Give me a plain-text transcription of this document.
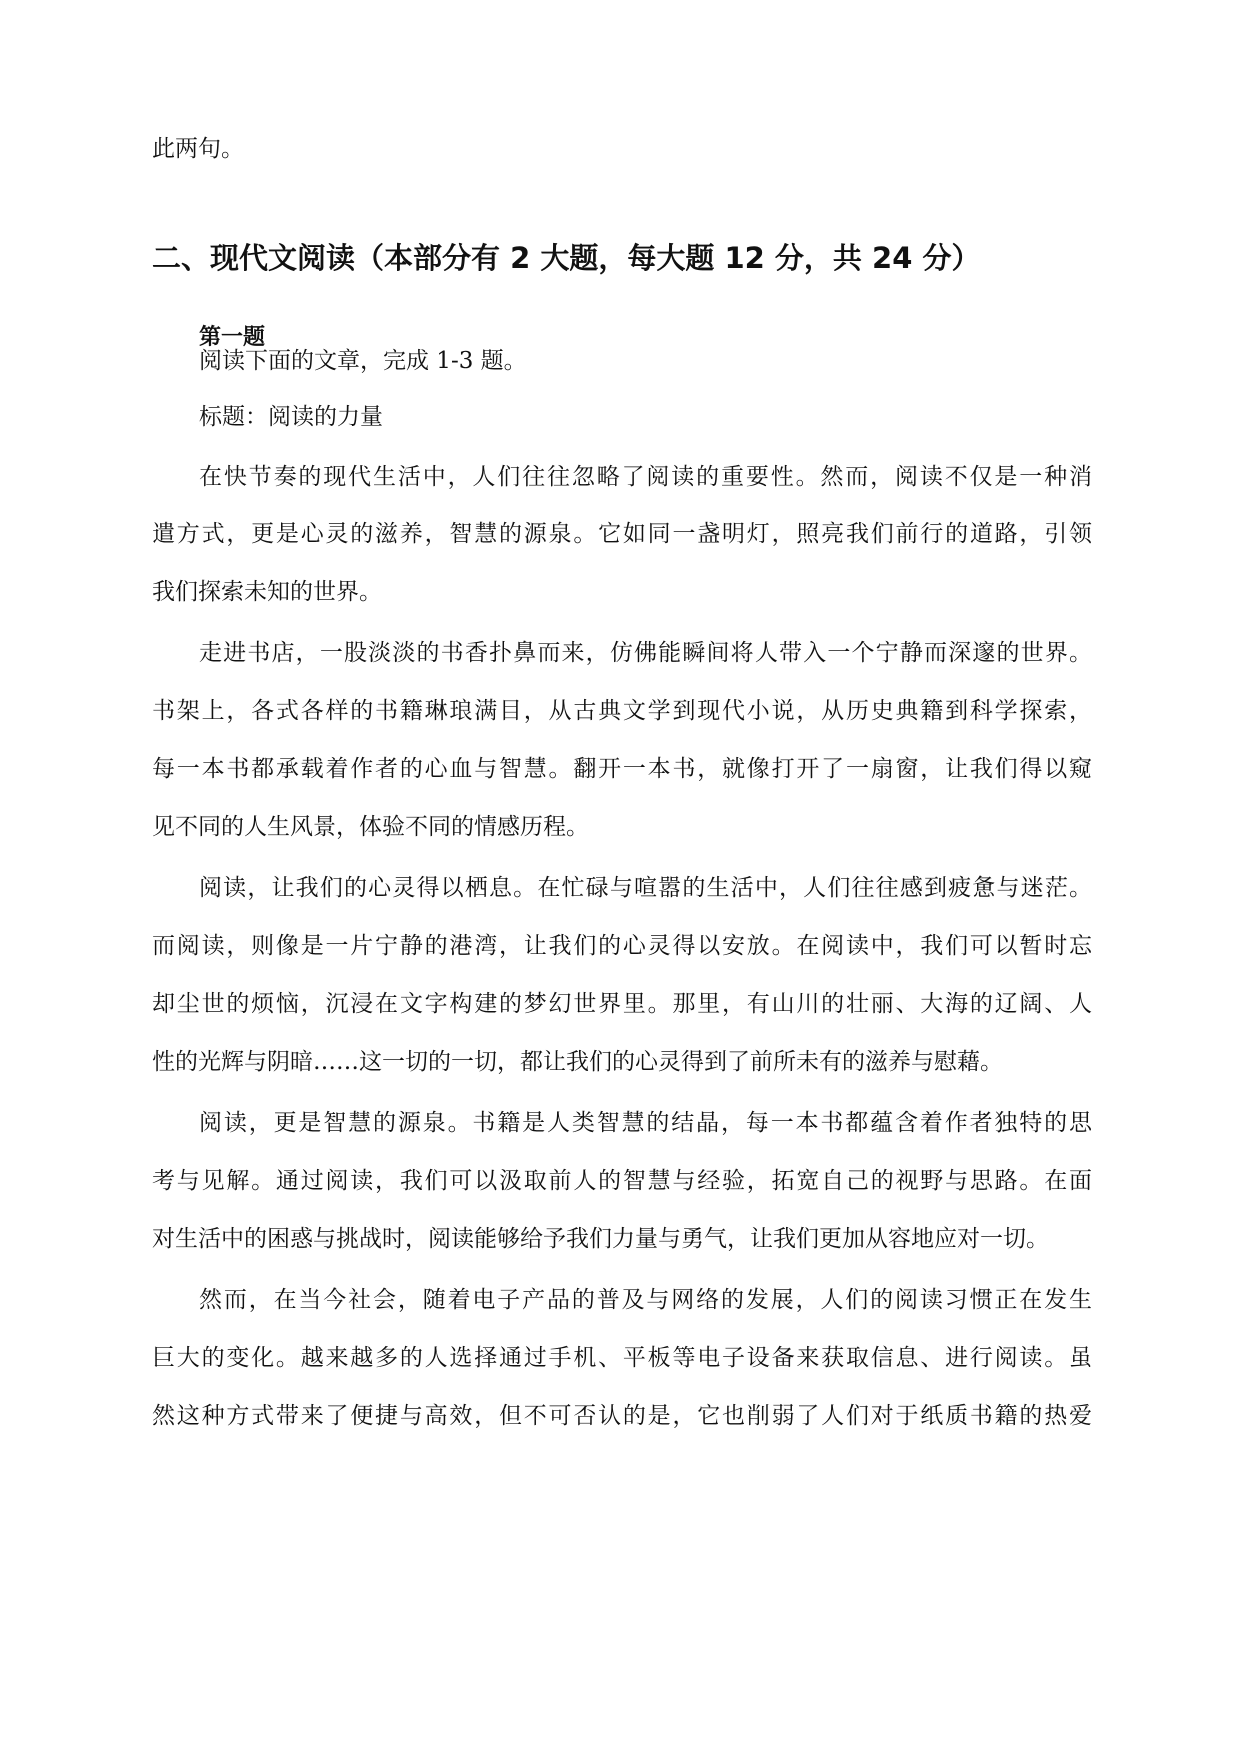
此两句。
二、现代文阅读（本部分有 2 大题，每大题 12 分，共 24 分）
第一题
阅读下面的文章，完成 1-3 题。
标题：阅读的力量
在快节奏的现代生活中，人们往往忽略了阅读的重要性。然而，阅读不仅是一种消
遣方式，更是心灵的滋养，智慧的源泉。它如同一盏明灯，照亮我们前行的道路，引领
我们探索未知的世界。
走进书店，一股淡淡的书香扑鼻而来，仿佛能瞬间将人带入一个宁静而深邃的世界。
书架上，各式各样的书籍琳琅满目，从古典文学到现代小说，从历史典籍到科学探索，
每一本书都承载着作者的心血与智慧。翻开一本书，就像打开了一扇窗，让我们得以窥
见不同的人生风景，体验不同的情感历程。
阅读，让我们的心灵得以栖息。在忙碌与喧嚣的生活中，人们往往感到疲惫与迷茫。
而阅读，则像是一片宁静的港湾，让我们的心灵得以安放。在阅读中，我们可以暂时忘
却尘世的烦恼，沉浸在文字构建的梦幻世界里。那里，有山川的壮丽、大海的辽阔、人
性的光辉与阴暗……这一切的一切，都让我们的心灵得到了前所未有的滋养与慰藉。
阅读，更是智慧的源泉。书籍是人类智慧的结晶，每一本书都蕴含着作者独特的思
考与见解。通过阅读，我们可以汲取前人的智慧与经验，拓宽自己的视野与思路。在面
对生活中的困惑与挑战时，阅读能够给予我们力量与勇气，让我们更加从容地应对一切。
然而，在当今社会，随着电子产品的普及与网络的发展，人们的阅读习惯正在发生
巨大的变化。越来越多的人选择通过手机、平板等电子设备来获取信息、进行阅读。虽
然这种方式带来了便捷与高效，但不可否认的是，它也削弱了人们对于纸质书籍的热爱
